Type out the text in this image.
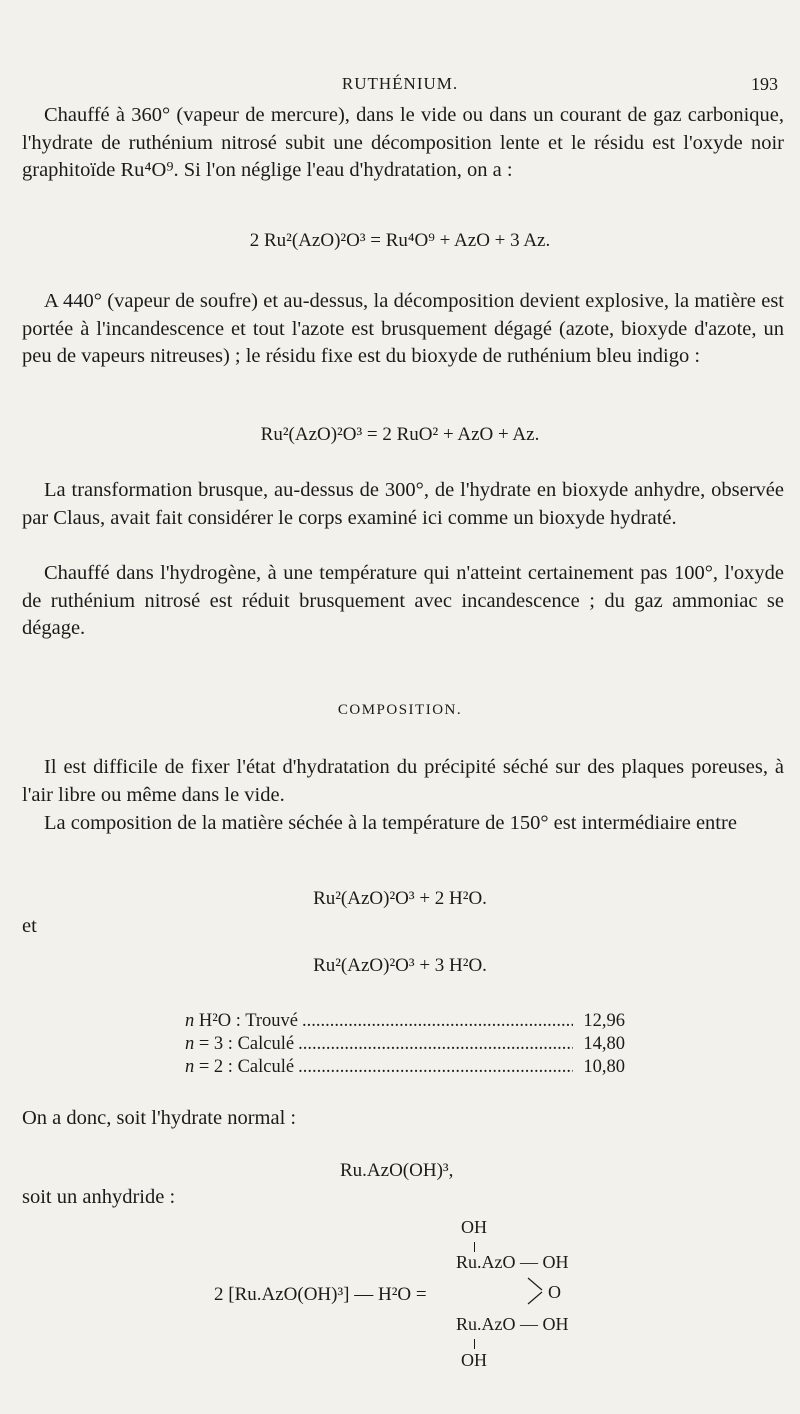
RUTHÉNIUM.	193

Chauffé à 360° (vapeur de mercure), dans le vide ou dans un courant de gaz carbonique, l'hydrate de ruthénium nitrosé subit une décomposition lente et le résidu est l'oxyde noir graphitoïde Ru⁴O⁹. Si l'on néglige l'eau d'hydratation, on a :

2 Ru²(AzO)²O³ = Ru⁴O⁹ + AzO + 3 Az.

A 440° (vapeur de soufre) et au-dessus, la décomposition devient explosive, la matière est portée à l'incandescence et tout l'azote est brusquement dégagé (azote, bioxyde d'azote, un peu de vapeurs nitreuses) ; le résidu fixe est du bioxyde de ruthénium bleu indigo :

Ru²(AzO)²O³ = 2 RuO² + AzO + Az.

La transformation brusque, au-dessus de 300°, de l'hydrate en bioxyde anhydre, observée par Claus, avait fait considérer le corps examiné ici comme un bioxyde hydraté.

Chauffé dans l'hydrogène, à une température qui n'atteint certainement pas 100°, l'oxyde de ruthénium nitrosé est réduit brusquement avec incandescence ; du gaz ammoniac se dégage.

COMPOSITION.

Il est difficile de fixer l'état d'hydratation du précipité séché sur des plaques poreuses, à l'air libre ou même dans le vide.

La composition de la matière séchée à la température de 150° est intermédiaire entre

Ru²(AzO)²O³ + 2 H²O.
et
Ru²(AzO)²O³ + 3 H²O.
n H²O : Trouvé .....	12,96
n = 3 : Calculé .....	14,80
n = 2 : Calculé .....	10,80
On a donc, soit l'hydrate normal :
Ru.AzO(OH)³,
soit un anhydride :
OH
Ru.AzO — OH
2 [Ru.AzO(OH)³] — H²O =	O
Ru.AzO — OH
OH
